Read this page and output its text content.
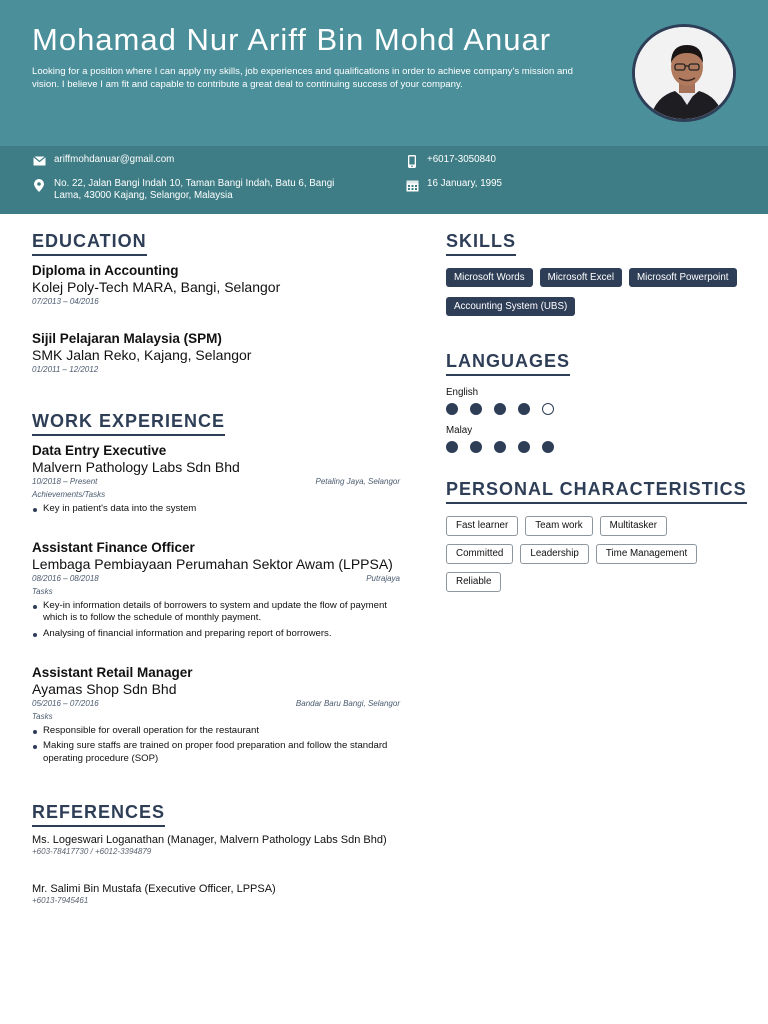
Mohamad Nur Ariff Bin Mohd Anuar

Looking for a position where I can apply my skills, job experiences and qualifications in order to achieve company's mission and vision. I believe I am fit and capable to contribute a great deal to continuing success of your company.

ariffmohdanuar@gmail.com
No. 22, Jalan Bangi Indah 10, Taman Bangi Indah, Batu 6, Bangi Lama, 43000 Kajang, Selangor, Malaysia
+6017-3050840
16 January, 1995
EDUCATION
Diploma in Accounting
Kolej Poly-Tech MARA, Bangi, Selangor
07/2013 – 04/2016
Sijil Pelajaran Malaysia (SPM)
SMK Jalan Reko, Kajang, Selangor
01/2011 – 12/2012
WORK EXPERIENCE
Data Entry Executive
Malvern Pathology Labs Sdn Bhd
10/2018 – Present	Petaling Jaya, Selangor
Achievements/Tasks
Key in patient's data into the system
Assistant Finance Officer
Lembaga Pembiayaan Perumahan Sektor Awam (LPPSA)
08/2016 – 08/2018	Putrajaya
Tasks
Key-in information details of borrowers to system and update the flow of payment which is to follow the schedule of monthly payment.
Analysing of financial information and preparing report of borrowers.
Assistant Retail Manager
Ayamas Shop Sdn Bhd
05/2016 – 07/2016	Bandar Baru Bangi, Selangor
Tasks
Responsible for overall operation for the restaurant
Making sure staffs are trained on proper food preparation and follow the standard operating procedure (SOP)
REFERENCES
Ms. Logeswari Loganathan (Manager, Malvern Pathology Labs Sdn Bhd)
+603-78417730 / +6012-3394879
Mr. Salimi Bin Mustafa (Executive Officer, LPPSA)
+6013-7945461
SKILLS
Microsoft Words	Microsoft Excel	Microsoft Powerpoint
Accounting System (UBS)
LANGUAGES
English
Malay
PERSONAL CHARACTERISTICS
Fast learner	Team work	Multitasker
Committed	Leadership	Time Management
Reliable
